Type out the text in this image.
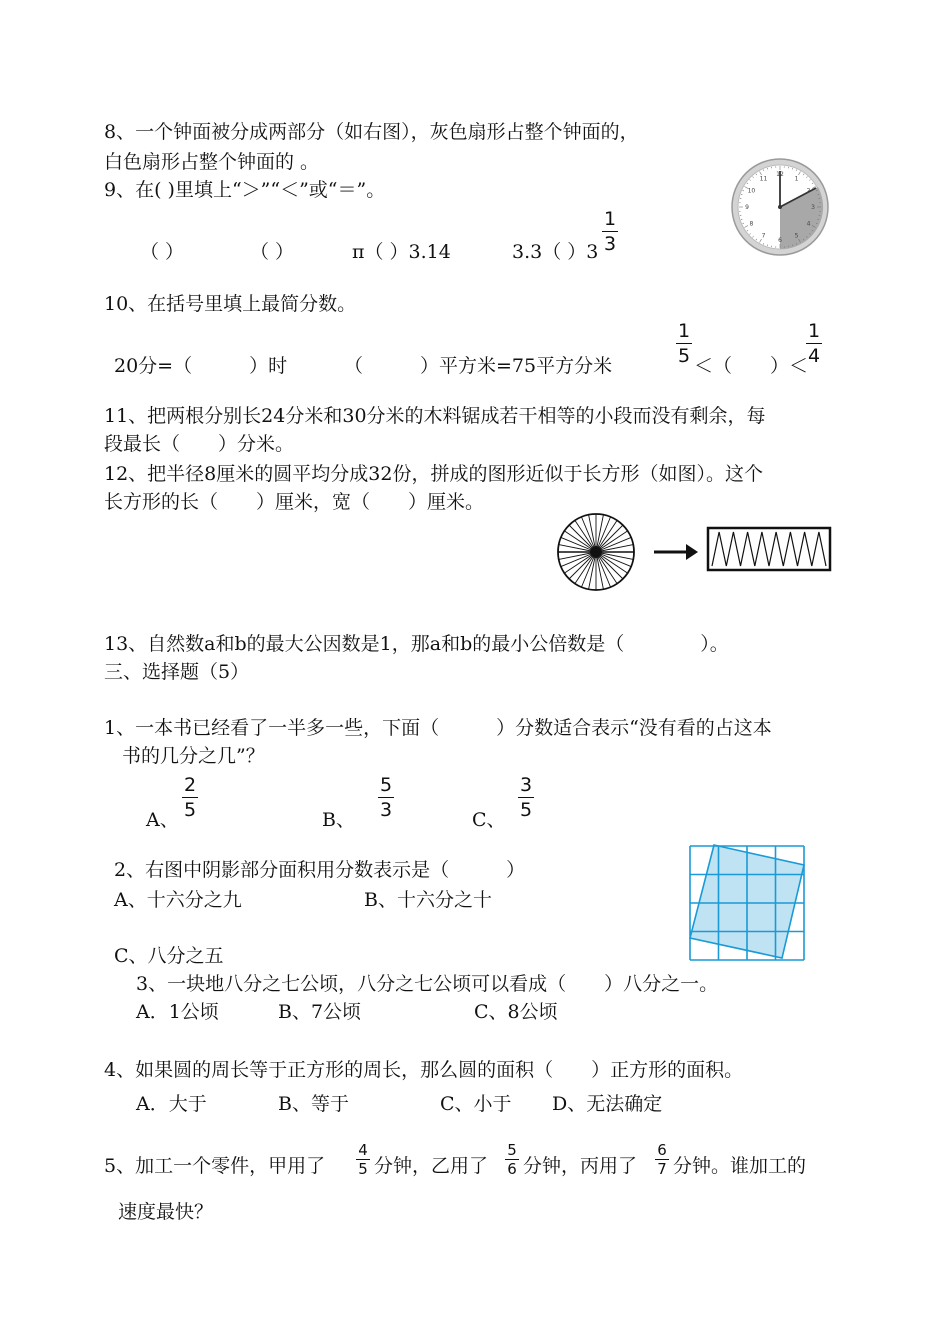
8、一个钟面被分成两部分（如右图），灰色扇形占整个钟面的，
白色扇形占整个钟面的 。
9、在( )里填上“＞”“＜”或“＝”。
（ ）	（ ）	π（ ）3.14	3.3（ ）3
1
3
12
1
2
3
4
5
6
7
8
9
10
11
10、在括号里填上最简分数。
20分=（　　　）时	（　　　）平方米=75平方分米
1
5 ＜（　　）＜
1
4
11、把两根分别长24分米和30分米的木料锯成若干相等的小段而没有剩余，每
段最长（　　）分米。
12、把半径8厘米的圆平均分成32份，拼成的图形近似于长方形（如图）。这个
长方形的长（　　）厘米，宽（　　）厘米。
13、自然数a和b的最大公因数是1，那a和b的最小公倍数是（　　　　）。
三、选择题（5）
1、一本书已经看了一半多一些，下面（　　　）分数适合表示“没有看的占这本
书的几分之几”？
A、
2
5	B、
5
3	C、
3
5
2、右图中阴影部分面积用分数表示是（　　　）
A、十六分之九	B、十六分之十
C、八分之五
3、一块地八分之七公顷，八分之七公顷可以看成（　　）八分之一。
A．1公顷	B、7公顷	C、8公顷
4、如果圆的周长等于正方形的周长，那么圆的面积（　　）正方形的面积。
A．大于	B、等于	C、小于 D、无法确定
5、加工一个零件，甲用了
4
5 分钟，乙用了
5
6 分钟，丙用了
6
7 分钟。谁加工的
速度最快？
